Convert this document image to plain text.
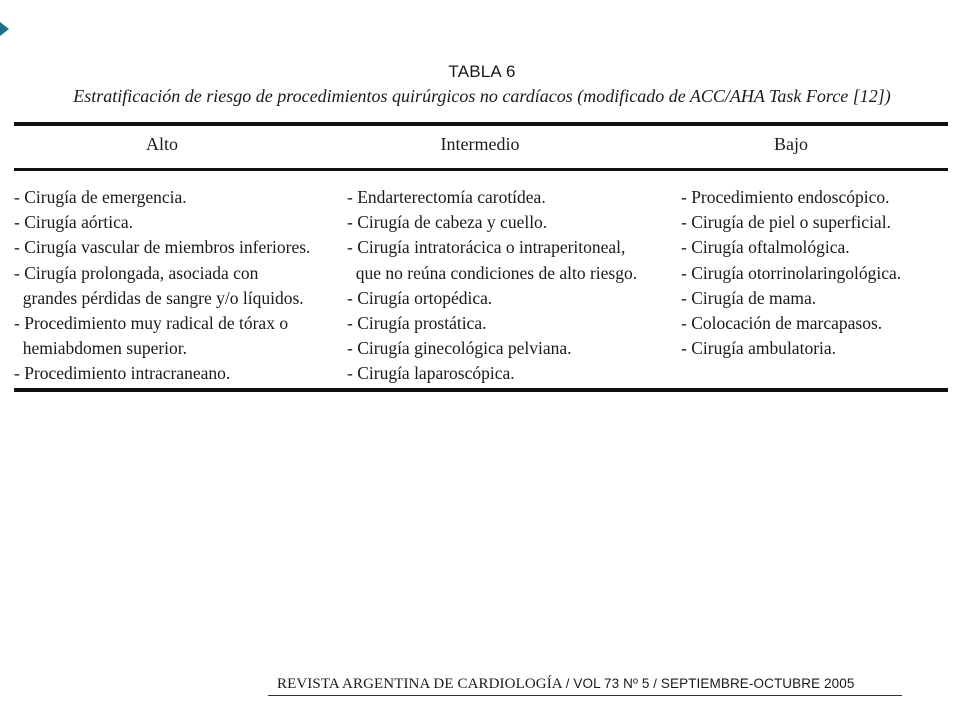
TABLA 6
Estratificación de riesgo de procedimientos quirúrgicos no cardíacos (modificado de ACC/AHA Task Force [12])
Alto	Intermedio	Bajo
- Cirugía de emergencia.
- Cirugía aórtica.
- Cirugía vascular de miembros inferiores.
- Cirugía prolongada, asociada con
grandes pérdidas de sangre y/o líquidos.
- Procedimiento muy radical de tórax o
hemiabdomen superior.
- Procedimiento intracraneano.
- Endarterectomía carotídea.
- Cirugía de cabeza y cuello.
- Cirugía intratorácica o intraperitoneal,
que no reúna condiciones de alto riesgo.
- Cirugía ortopédica.
- Cirugía prostática.
- Cirugía ginecológica pelviana.
- Cirugía laparoscópica.
- Procedimiento endoscópico.
- Cirugía de piel o superficial.
- Cirugía oftalmológica.
- Cirugía otorrinolaringológica.
- Cirugía de mama.
- Colocación de marcapasos.
- Cirugía ambulatoria.
REVISTA ARGENTINA DE CARDIOLOGÍA / VOL 73 Nº 5 / SEPTIEMBRE-OCTUBRE 2005
